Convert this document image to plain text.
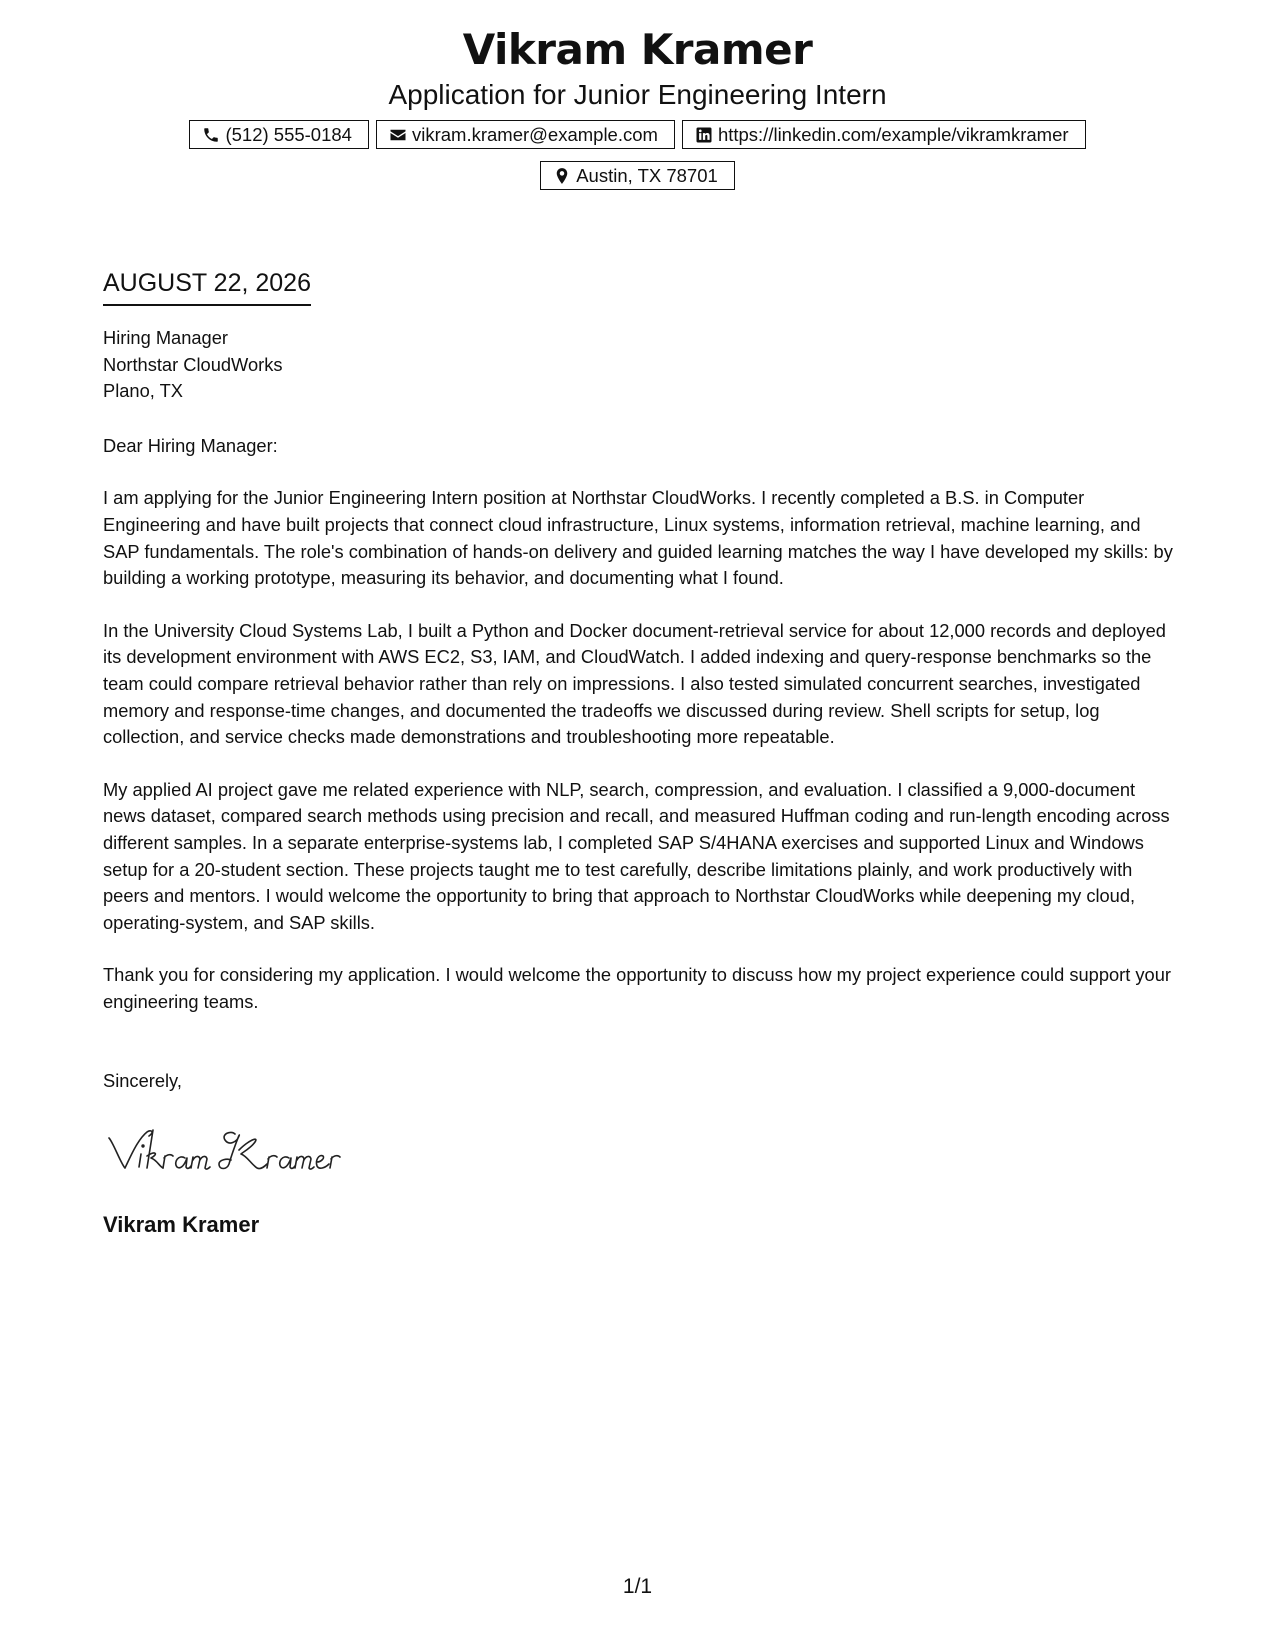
Vikram Kramer
Application for Junior Engineering Intern
(512) 555-0184	vikram.kramer@example.com	https://linkedin.com/example/vikramkramer
Austin, TX 78701
AUGUST 22, 2026
Hiring Manager
Northstar CloudWorks
Plano, TX
Dear Hiring Manager:
I am applying for the Junior Engineering Intern position at Northstar CloudWorks. I recently completed a B.S. in Computer Engineering and have built projects that connect cloud infrastructure, Linux systems, information retrieval, machine learning, and SAP fundamentals. The role's combination of hands-on delivery and guided learning matches the way I have developed my skills: by building a working prototype, measuring its behavior, and documenting what I found.
In the University Cloud Systems Lab, I built a Python and Docker document-retrieval service for about 12,000 records and deployed its development environment with AWS EC2, S3, IAM, and CloudWatch. I added indexing and query-response benchmarks so the team could compare retrieval behavior rather than rely on impressions. I also tested simulated concurrent searches, investigated memory and response-time changes, and documented the tradeoffs we discussed during review. Shell scripts for setup, log collection, and service checks made demonstrations and troubleshooting more repeatable.
My applied AI project gave me related experience with NLP, search, compression, and evaluation. I classified a 9,000-document news dataset, compared search methods using precision and recall, and measured Huffman coding and run-length encoding across different samples. In a separate enterprise-systems lab, I completed SAP S/4HANA exercises and supported Linux and Windows setup for a 20-student section. These projects taught me to test carefully, describe limitations plainly, and work productively with peers and mentors. I would welcome the opportunity to bring that approach to Northstar CloudWorks while deepening my cloud, operating-system, and SAP skills.
Thank you for considering my application. I would welcome the opportunity to discuss how my project experience could support your engineering teams.
Sincerely,
Vikram Kramer
1/1
